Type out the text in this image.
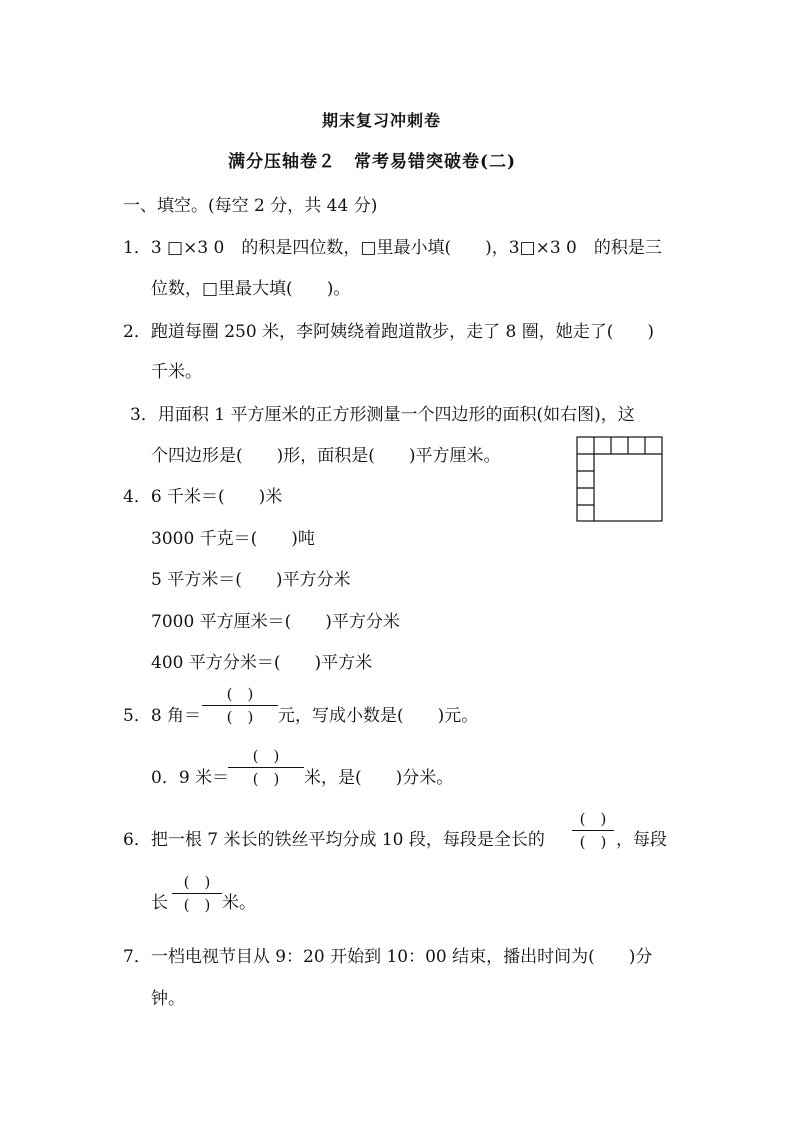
期末复习冲刺卷
满分压轴卷２　常考易错突破卷(二)
一、填空。(每空 2 分，共 44 分)
1．3 □×3 0　的积是四位数，□里最小填(　　)，3□×3 0　的积是三
位数，□里最大填(　　)。
2．跑道每圈 250 米，李阿姨绕着跑道散步，走了 8 圈，她走了(　　)
千米。
3．用面积 1 平方厘米的正方形测量一个四边形的面积(如右图)，这
个四边形是(　　)形，面积是(　　)平方厘米。
4．6 千米＝(　　)米
3000 千克＝(　　)吨
5 平方米＝(　　)平方分米
7000 平方厘米＝(　　)平方分米
400 平方分米＝(　　)平方米
5．8 角＝
(　)
(　)	元，写成小数是(　　)元。
0．9 米＝
(　)
(　)	米，是(　　)分米。
6．把一根 7 米长的铁丝平均分成 10 段，每段是全长的
(　)
(　) ，每段
长
(　)
(　) 米。
7．一档电视节目从 9：20 开始到 10：00 结束，播出时间为(　　)分
钟。
